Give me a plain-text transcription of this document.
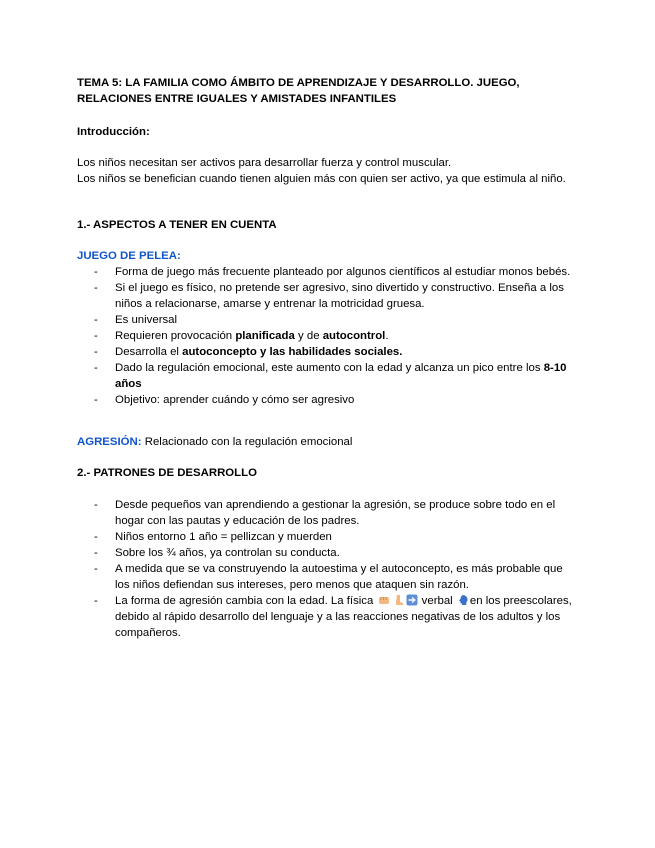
TEMA 5: LA FAMILIA COMO ÁMBITO DE APRENDIZAJE Y DESARROLLO. JUEGO,
RELACIONES ENTRE IGUALES Y AMISTADES INFANTILES
Introducción:
Los niños necesitan ser activos para desarrollar fuerza y control muscular.
Los niños se benefician cuando tienen alguien más con quien ser activo, ya que estimula al niño.
1.- ASPECTOS A TENER EN CUENTA
JUEGO DE PELEA:
- Forma de juego más frecuente planteado por algunos científicos al estudiar monos bebés.
- Si el juego es físico, no pretende ser agresivo, sino divertido y constructivo. Enseña a los niños a relacionarse, amarse y entrenar la motricidad gruesa.
- Es universal
- Requieren provocación planificada y de autocontrol.
- Desarrolla el autoconcepto y las habilidades sociales.
- Dado la regulación emocional, este aumento con la edad y alcanza un pico entre los 8-10 años
- Objetivo: aprender cuándo y cómo ser agresivo
AGRESIÓN: Relacionado con la regulación emocional
2.- PATRONES DE DESARROLLO
- Desde pequeños van aprendiendo a gestionar la agresión, se produce sobre todo en el hogar con las pautas y educación de los padres.
- Niños entorno 1 año = pellizcan y muerden
- Sobre los ¾ años, ya controlan su conducta.
- A medida que se va construyendo la autoestima y el autoconcepto, es más probable que los niños defiendan sus intereses, pero menos que ataquen sin razón.
- La forma de agresión cambia con la edad. La física	verbal en los preescolares, debido al rápido desarrollo del lenguaje y a las reacciones negativas de los adultos y los compañeros.
